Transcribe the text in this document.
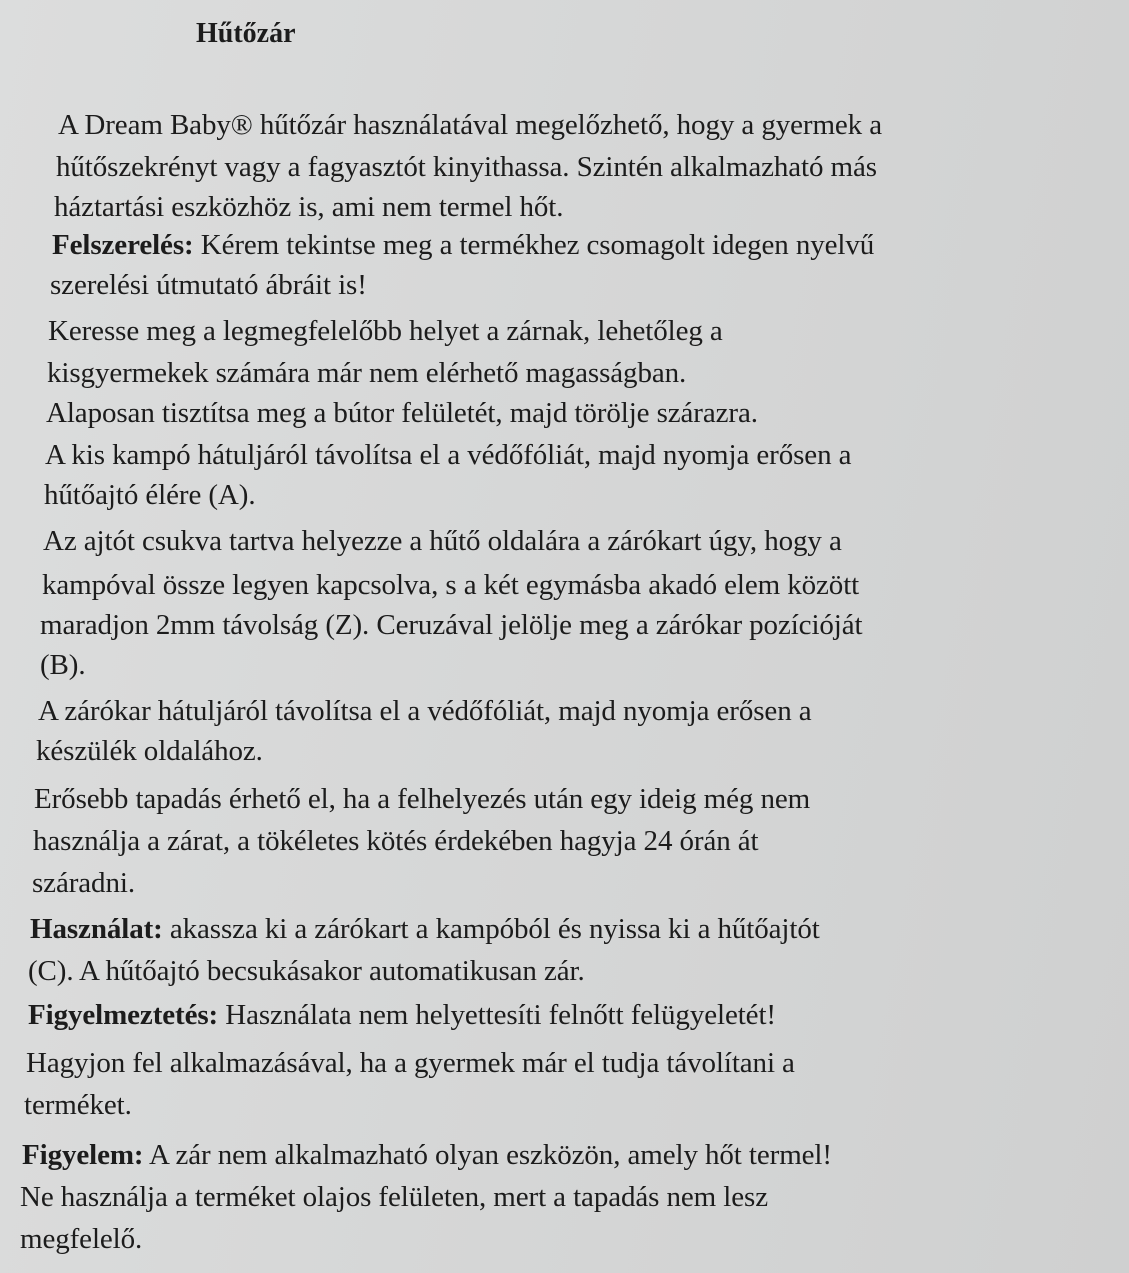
Hűtőzár
A Dream Baby® hűtőzár használatával megelőzhető, hogy a gyermek a
hűtőszekrényt vagy a fagyasztót kinyithassa. Szintén alkalmazható más
háztartási eszközhöz is, ami nem termel hőt.
Felszerelés: Kérem tekintse meg a termékhez csomagolt idegen nyelvű
szerelési útmutató ábráit is!
Keresse meg a legmegfelelőbb helyet a zárnak, lehetőleg a
kisgyermekek számára már nem elérhető magasságban.
Alaposan tisztítsa meg a bútor felületét, majd törölje szárazra.
A kis kampó hátuljáról távolítsa el a védőfóliát, majd nyomja erősen a
hűtőajtó élére (A).
Az ajtót csukva tartva helyezze a hűtő oldalára a zárókart úgy, hogy a
kampóval össze legyen kapcsolva, s a két egymásba akadó elem között
maradjon 2mm távolság (Z). Ceruzával jelölje meg a zárókar pozícióját
(B).
A zárókar hátuljáról távolítsa el a védőfóliát, majd nyomja erősen a
készülék oldalához.
Erősebb tapadás érhető el, ha a felhelyezés után egy ideig még nem
használja a zárat, a tökéletes kötés érdekében hagyja 24 órán át
száradni.
Használat: akassza ki a zárókart a kampóból és nyissa ki a hűtőajtót
(C). A hűtőajtó becsukásakor automatikusan zár.
Figyelmeztetés: Használata nem helyettesíti felnőtt felügyeletét!
Hagyjon fel alkalmazásával, ha a gyermek már el tudja távolítani a
terméket.
Figyelem: A zár nem alkalmazható olyan eszközön, amely hőt termel!
Ne használja a terméket olajos felületen, mert a tapadás nem lesz
megfelelő.
